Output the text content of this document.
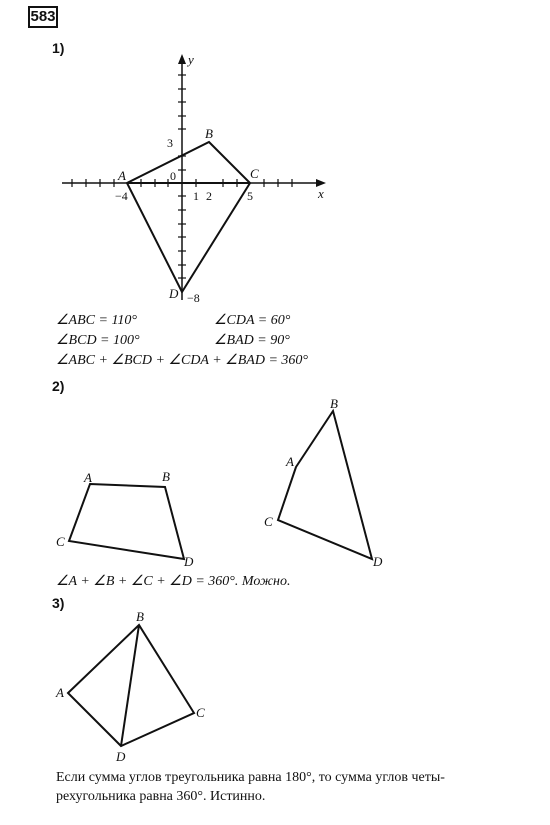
583
1)
x
y
0
−4	1 2	5
3
−8
A
B
C
D
A	B
C
D
A
B
C
D
B
A
C
D
∠ABC = 110°	∠CDA = 60°
∠BCD = 100°	∠BAD = 90°
∠ABC + ∠BCD + ∠CDA + ∠BAD = 360°
2)
∠A + ∠B + ∠C + ∠D = 360°. Можно.
3)
Если сумма углов треугольника равна 180°, то сумма углов четы-
рехугольника равна 360°. Истинно.
